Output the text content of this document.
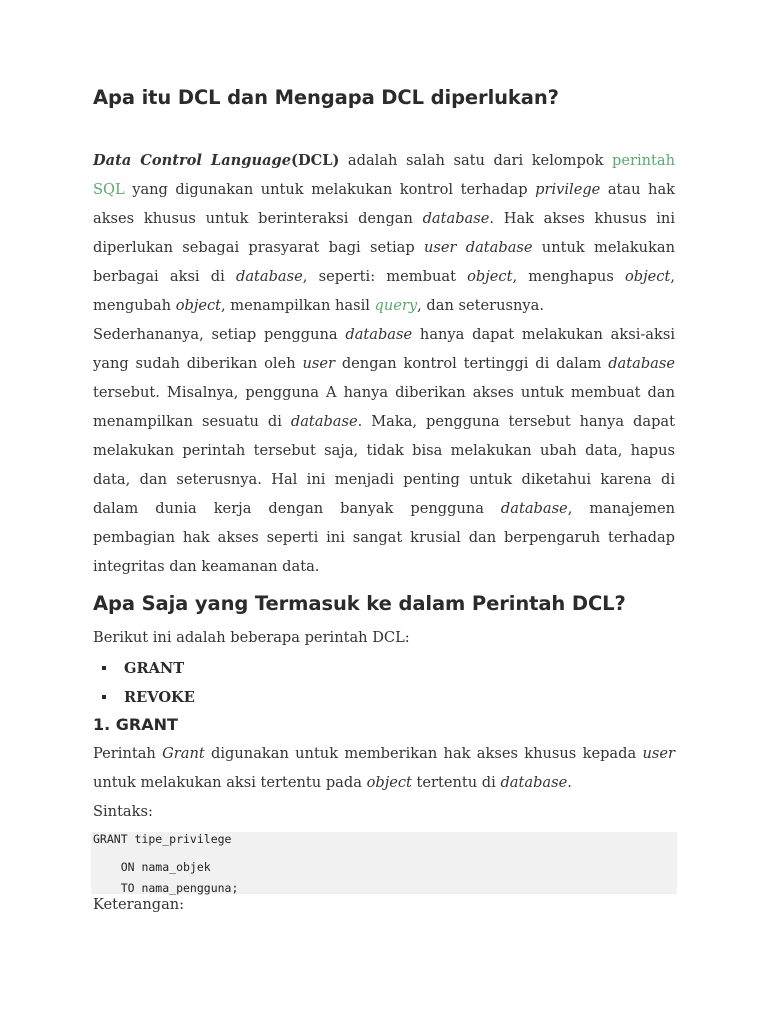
Apa itu DCL dan Mengapa DCL diperlukan?

Data Control Language(DCL) adalah salah satu dari kelompok perintah SQL yang digunakan untuk melakukan kontrol terhadap privilege atau hak akses khusus untuk berinteraksi dengan database. Hak akses khusus ini diperlukan sebagai prasyarat bagi setiap user database untuk melakukan berbagai aksi di database, seperti: membuat object, menghapus object, mengubah object, menampilkan hasil query, dan seterusnya.

Sederhananya, setiap pengguna database hanya dapat melakukan aksi-aksi yang sudah diberikan oleh user dengan kontrol tertinggi di dalam database tersebut. Misalnya, pengguna A hanya diberikan akses untuk membuat dan menampilkan sesuatu di database. Maka, pengguna tersebut hanya dapat melakukan perintah tersebut saja, tidak bisa melakukan ubah data, hapus data, dan seterusnya. Hal ini menjadi penting untuk diketahui karena di dalam dunia kerja dengan banyak pengguna database, manajemen pembagian hak akses seperti ini sangat krusial dan berpengaruh terhadap integritas dan keamanan data.

Apa Saja yang Termasuk ke dalam Perintah DCL?

Berikut ini adalah beberapa perintah DCL:

GRANT
REVOKE
1. GRANT

Perintah Grant digunakan untuk memberikan hak akses khusus kepada user untuk melakukan aksi tertentu pada object tertentu di database.

Sintaks:

GRANT tipe_privilege
ON nama_objek
TO nama_pengguna;

Keterangan:
